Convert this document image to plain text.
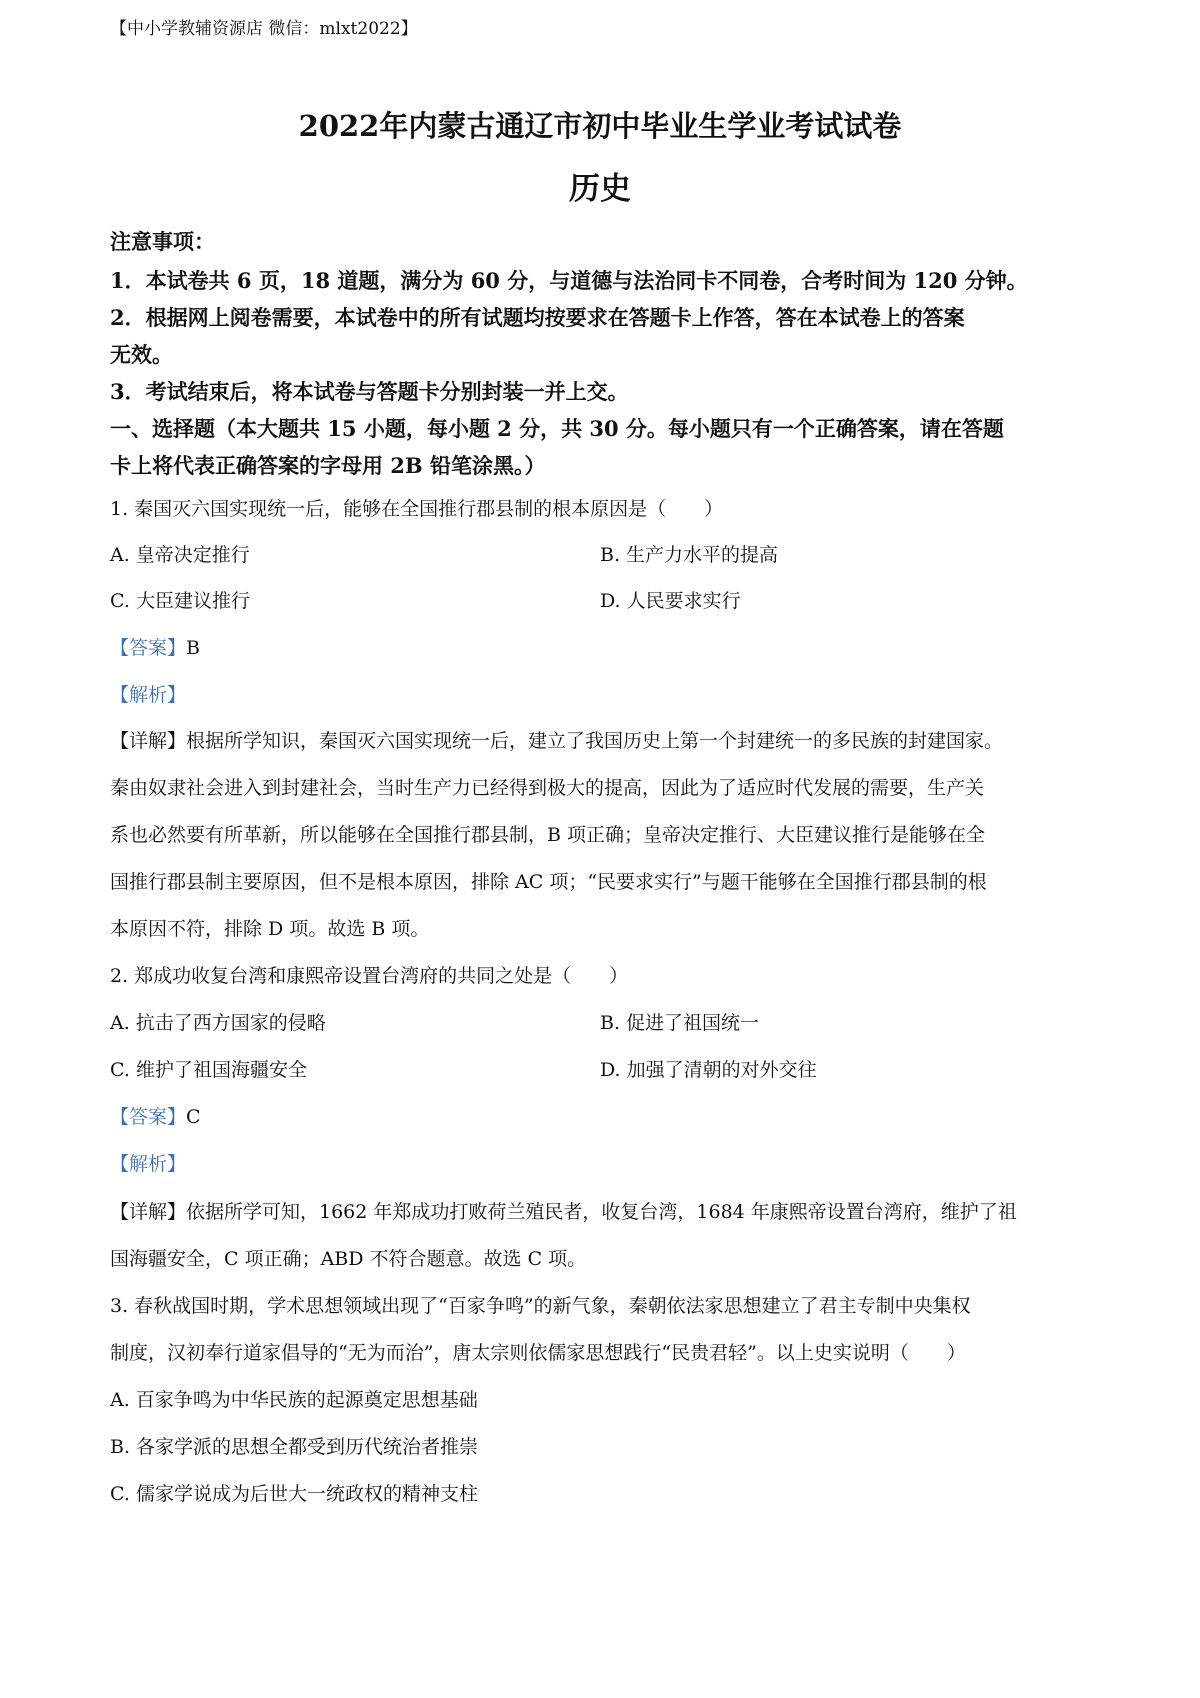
【中小学教辅资源店 微信：mlxt2022】
2022年内蒙古通辽市初中毕业生学业考试试卷
历史
注意事项：
1．本试卷共 6 页，18 道题，满分为 60 分，与道德与法治同卡不同卷，合考时间为 120 分钟。
2．根据网上阅卷需要，本试卷中的所有试题均按要求在答题卡上作答，答在本试卷上的答案
无效。
3．考试结束后，将本试卷与答题卡分别封装一并上交。
一、选择题（本大题共 15 小题，每小题 2 分，共 30 分。每小题只有一个正确答案，请在答题
卡上将代表正确答案的字母用 2B 铅笔涂黑。）
1. 秦国灭六国实现统一后，能够在全国推行郡县制的根本原因是（　　）
A. 皇帝决定推行	B. 生产力水平的提高
C. 大臣建议推行	D. 人民要求实行
【答案】B
【解析】
【详解】根据所学知识，秦国灭六国实现统一后，建立了我国历史上第一个封建统一的多民族的封建国家。
秦由奴隶社会进入到封建社会，当时生产力已经得到极大的提高，因此为了适应时代发展的需要，生产关
系也必然要有所革新，所以能够在全国推行郡县制，B 项正确；皇帝决定推行、大臣建议推行是能够在全
国推行郡县制主要原因，但不是根本原因，排除 AC 项；“民要求实行”与题干能够在全国推行郡县制的根
本原因不符，排除 D 项。故选 B 项。
2. 郑成功收复台湾和康熙帝设置台湾府的共同之处是（　　）
A. 抗击了西方国家的侵略	B. 促进了祖国统一
C. 维护了祖国海疆安全	D. 加强了清朝的对外交往
【答案】C
【解析】
【详解】依据所学可知，1662 年郑成功打败荷兰殖民者，收复台湾，1684 年康熙帝设置台湾府，维护了祖
国海疆安全，C 项正确；ABD 不符合题意。故选 C 项。
3. 春秋战国时期，学术思想领域出现了“百家争鸣”的新气象，秦朝依法家思想建立了君主专制中央集权
制度，汉初奉行道家倡导的“无为而治”，唐太宗则依儒家思想践行“民贵君轻”。以上史实说明（　　）
A. 百家争鸣为中华民族的起源奠定思想基础
B. 各家学派的思想全都受到历代统治者推崇
C. 儒家学说成为后世大一统政权的精神支柱
